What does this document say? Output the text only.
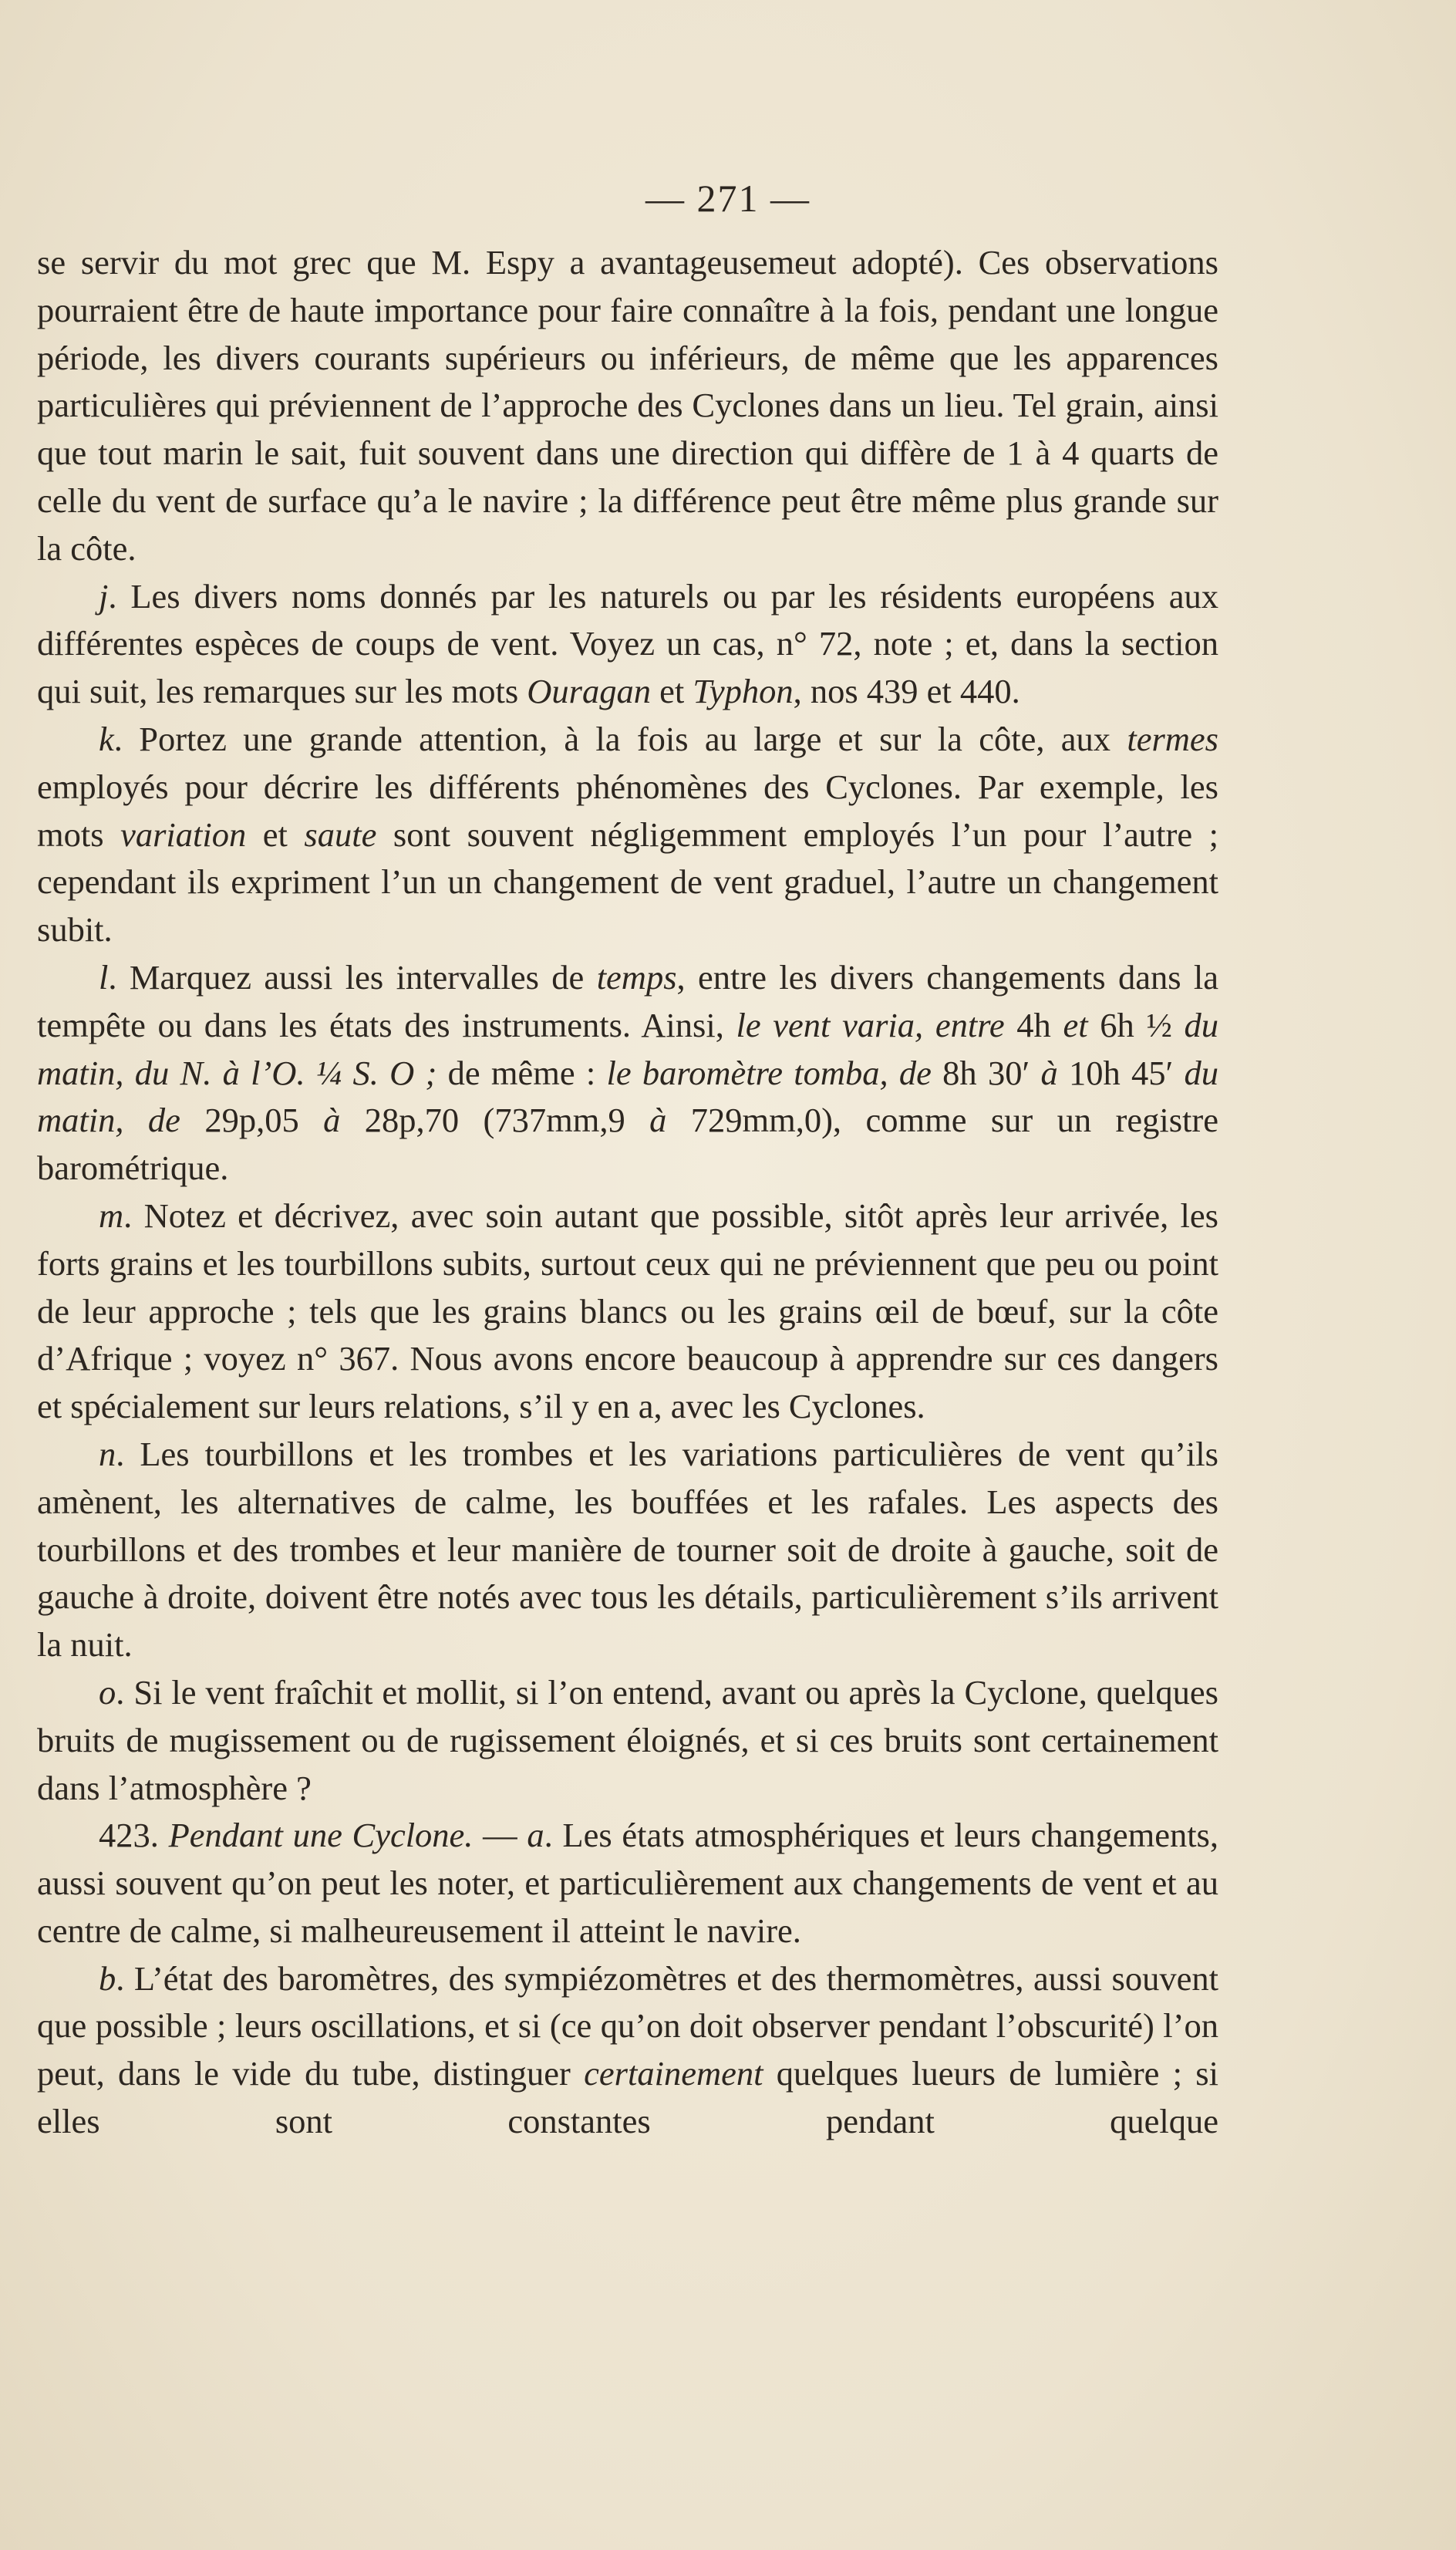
— 271 —

se servir du mot grec que M. Espy a avantageusemeut adopté). Ces observations pourraient être de haute importance pour faire connaître à la fois, pendant une longue période, les divers courants supérieurs ou inférieurs, de même que les apparences particulières qui préviennent de l’approche des Cyclones dans un lieu. Tel grain, ainsi que tout marin le sait, fuit souvent dans une direction qui diffère de 1 à 4 quarts de celle du vent de surface qu’a le navire ; la différence peut être même plus grande sur la côte.

j. Les divers noms donnés par les naturels ou par les résidents européens aux différentes espèces de coups de vent. Voyez un cas, n° 72, note ; et, dans la section qui suit, les remarques sur les mots Ouragan et Typhon, nos 439 et 440.

k. Portez une grande attention, à la fois au large et sur la côte, aux termes employés pour décrire les différents phénomènes des Cyclones. Par exemple, les mots variation et saute sont souvent négligemment employés l’un pour l’autre ; cependant ils expriment l’un un changement de vent graduel, l’autre un changement subit.

l. Marquez aussi les intervalles de temps, entre les divers changements dans la tempête ou dans les états des instruments. Ainsi, le vent varia, entre 4h et 6h ½ du matin, du N. à l’O. ¼ S. O ; de même : le baromètre tomba, de 8h 30′ à 10h 45′ du matin, de 29p,05 à 28p,70 (737mm,9 à 729mm,0), comme sur un registre barométrique.

m. Notez et décrivez, avec soin autant que possible, sitôt après leur arrivée, les forts grains et les tourbillons subits, surtout ceux qui ne préviennent que peu ou point de leur approche ; tels que les grains blancs ou les grains œil de bœuf, sur la côte d’Afrique ; voyez n° 367. Nous avons encore beaucoup à apprendre sur ces dangers et spécialement sur leurs relations, s’il y en a, avec les Cyclones.

n. Les tourbillons et les trombes et les variations particulières de vent qu’ils amènent, les alternatives de calme, les bouffées et les rafales. Les aspects des tourbillons et des trombes et leur manière de tourner soit de droite à gauche, soit de gauche à droite, doivent être notés avec tous les détails, particulièrement s’ils arrivent la nuit.

o. Si le vent fraîchit et mollit, si l’on entend, avant ou après la Cyclone, quelques bruits de mugissement ou de rugissement éloignés, et si ces bruits sont certainement dans l’atmosphère ?

423. Pendant une Cyclone. — a. Les états atmosphériques et leurs changements, aussi souvent qu’on peut les noter, et particulièrement aux changements de vent et au centre de calme, si malheureusement il atteint le navire.

b. L’état des baromètres, des sympiézomètres et des thermomètres, aussi souvent que possible ; leurs oscillations, et si (ce qu’on doit observer pendant l’obscurité) l’on peut, dans le vide du tube, distinguer certainement quelques lueurs de lumière ; si elles sont constantes pendant quelque
